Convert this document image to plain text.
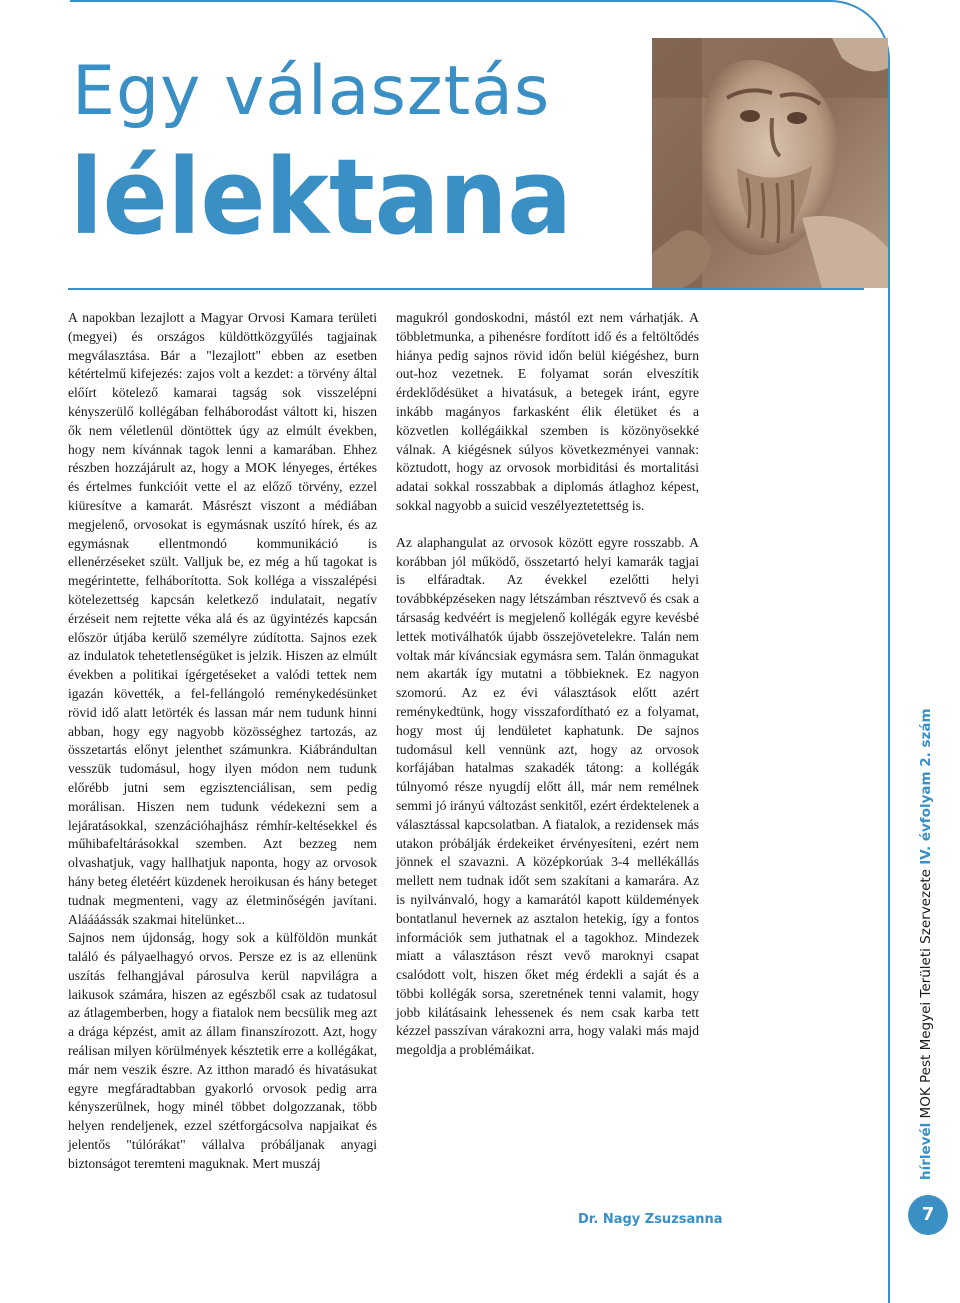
Egy választás
lélektana

A napokban lezajlott a Magyar Orvosi Kamara területi (megyei) és országos küldöttközgyűlés tagjainak megválasztása. Bár a "lezajlott" ebben az esetben kétértelmű kifejezés: zajos volt a kezdet: a törvény által előírt kötelező kamarai tagság sok visszelépni kényszerülő kollégában felháborodást váltott ki, hiszen ők nem véletlenül döntöttek úgy az elmúlt években, hogy nem kívánnak tagok lenni a kamarában. Ehhez részben hozzájárult az, hogy a MOK lényeges, értékes és értelmes funkcióit vette el az előző törvény, ezzel kiüresítve a kamarát. Másrészt viszont a médiában megjelenő, orvosokat is egymásnak uszító hírek, és az egymásnak ellentmondó kommunikáció is ellenérzéseket szült. Valljuk be, ez még a hű tagokat is megérintette, felháborította. Sok kolléga a visszalépési kötelezettség kapcsán keletkező indulatait, negatív érzéseit nem rejtette véka alá és az ügyintézés kapcsán először útjába kerülő személyre zúdította. Sajnos ezek az indulatok tehetetlenségüket is jelzik. Hiszen az elmúlt években a politikai ígérgetéseket a valódi tettek nem igazán követték, a fel-fellángoló reménykedésünket rövid idő alatt letörték és lassan már nem tudunk hinni abban, hogy egy nagyobb közösséghez tartozás, az összetartás előnyt jelenthet számunkra. Kiábrándultan vesszük tudomásul, hogy ilyen módon nem tudunk előrébb jutni sem egzisztenciálisan, sem pedig morálisan. Hiszen nem tudunk védekezni sem a lejáratásokkal, szenzációhajhász rémhír-keltésekkel és műhibafeltárásokkal szemben. Azt bezzeg nem olvashatjuk, vagy hallhatjuk naponta, hogy az orvosok hány beteg életéért küzdenek heroikusan és hány beteget tudnak megmenteni, vagy az életminőségén javítani. Aláááássák szakmai hitelünket...

Sajnos nem újdonság, hogy sok a külföldön munkát találó és pályaelhagyó orvos. Persze ez is az ellenünk uszítás felhangjával párosulva kerül napvilágra a laikusok számára, hiszen az egészből csak az tudatosul az átlagemberben, hogy a fiatalok nem becsülik meg azt a drága képzést, amit az állam finanszírozott. Azt, hogy reálisan milyen körülmények késztetik erre a kollégákat, már nem veszik észre. Az itthon maradó és hivatásukat egyre megfáradtabban gyakorló orvosok pedig arra kényszerülnek, hogy minél többet dolgozzanak, több helyen rendeljenek, ezzel szétforgácsolva napjaikat és jelentős "túlórákat" vállalva próbáljanak anyagi biztonságot teremteni maguknak. Mert muszáj

magukról gondoskodni, mástól ezt nem várhatják. A többletmunka, a pihenésre fordított idő és a feltöltődés hiánya pedig sajnos rövid időn belül kiégéshez, burn out-hoz vezetnek. E folyamat során elveszítik érdeklődésüket a hivatásuk, a betegek iránt, egyre inkább magányos farkasként élik életüket és a közvetlen kollégáikkal szemben is közönyösekké válnak. A kiégésnek súlyos következményei vannak: köztudott, hogy az orvosok morbiditási és mortalitási adatai sokkal rosszabbak a diplomás átlaghoz képest, sokkal nagyobb a suicid veszélyeztetettség is.

Az alaphangulat az orvosok között egyre rosszabb. A korábban jól működő, összetartó helyi kamarák tagjai is elfáradtak. Az évekkel ezelőtti helyi továbbképzéseken nagy létszámban résztvevő és csak a társaság kedvéért is megjelenő kollégák egyre kevésbé lettek motiválhatók újabb összejövetelekre. Talán nem voltak már kíváncsiak egymásra sem. Talán önmagukat nem akarták így mutatni a többieknek. Ez nagyon szomorú. Az ez évi választások előtt azért reménykedtünk, hogy visszafordítható ez a folyamat, hogy most új lendületet kaphatunk. De sajnos tudomásul kell vennünk azt, hogy az orvosok korfájában hatalmas szakadék tátong: a kollégák túlnyomó része nyugdíj előtt áll, már nem remélnek semmi jó irányú változást senkitől, ezért érdektelenek a választással kapcsolatban. A fiatalok, a rezidensek más utakon próbálják érdekeiket érvényesíteni, ezért nem jönnek el szavazni. A középkorúak 3-4 mellékállás mellett nem tudnak időt sem szakítani a kamarára. Az is nyilvánvaló, hogy a kamarától kapott küldemények bontatlanul hevernek az asztalon hetekig, így a fontos információk sem juthatnak el a tagokhoz. Mindezek miatt a választáson részt vevő maroknyi csapat csalódott volt, hiszen őket még érdekli a saját és a többi kollégák sorsa, szeretnének tenni valamit, hogy jobb kilátásaink lehessenek és nem csak karba tett kézzel passzívan várakozni arra, hogy valaki más majd megoldja a problémáikat.

Dr. Nagy Zsuzsanna
hírlevél MOK Pest Megyei Területi Szervezete IV. évfolyam 2. szám
7
